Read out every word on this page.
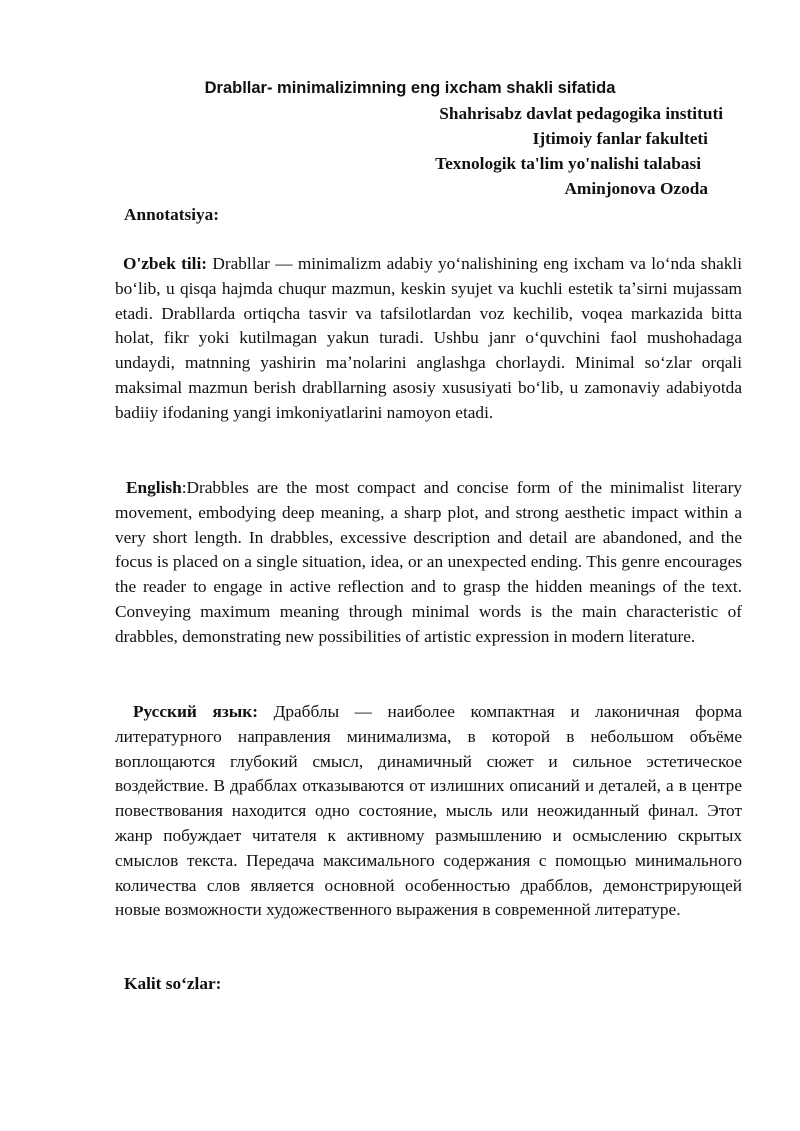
Drabllar- minimalizimning eng ixcham shakli sifatida
Shahrisabz davlat pedagogika instituti
Ijtimoiy fanlar fakulteti
Texnologik ta'lim yo'nalishi talabasi
Aminjonova Ozoda
Annotatsiya:
O'zbek tili: Drabllar — minimalizm adabiy yoʻnalishining eng ixcham va loʻnda shakli boʻlib, u qisqa hajmda chuqur mazmun, keskin syujet va kuchli estetik taʼsirni mujassam etadi. Drabllarda ortiqcha tasvir va tafsilotlardan voz kechilib, voqea markazida bitta holat, fikr yoki kutilmagan yakun turadi. Ushbu janr oʻquvchini faol mushohadaga undaydi, matnning yashirin maʼnolarini anglashga chorlaydi. Minimal soʻzlar orqali maksimal mazmun berish drabllarning asosiy xususiyati boʻlib, u zamonaviy adabiyotda badiiy ifodaning yangi imkoniyatlarini namoyon etadi.
English:Drabbles are the most compact and concise form of the minimalist literary movement, embodying deep meaning, a sharp plot, and strong aesthetic impact within a very short length. In drabbles, excessive description and detail are abandoned, and the focus is placed on a single situation, idea, or an unexpected ending. This genre encourages the reader to engage in active reflection and to grasp the hidden meanings of the text. Conveying maximum meaning through minimal words is the main characteristic of drabbles, demonstrating new possibilities of artistic expression in modern literature.
Русский язык: Драбблы — наиболее компактная и лаконичная форма литературного направления минимализма, в которой в небольшом объёме воплощаются глубокий смысл, динамичный сюжет и сильное эстетическое воздействие. В драбблах отказываются от излишних описаний и деталей, а в центре повествования находится одно состояние, мысль или неожиданный финал. Этот жанр побуждает читателя к активному размышлению и осмыслению скрытых смыслов текста. Передача максимального содержания с помощью минимального количества слов является основной особенностью драбблов, демонстрирующей новые возможности художественного выражения в современной литературе.
Kalit soʻzlar:
